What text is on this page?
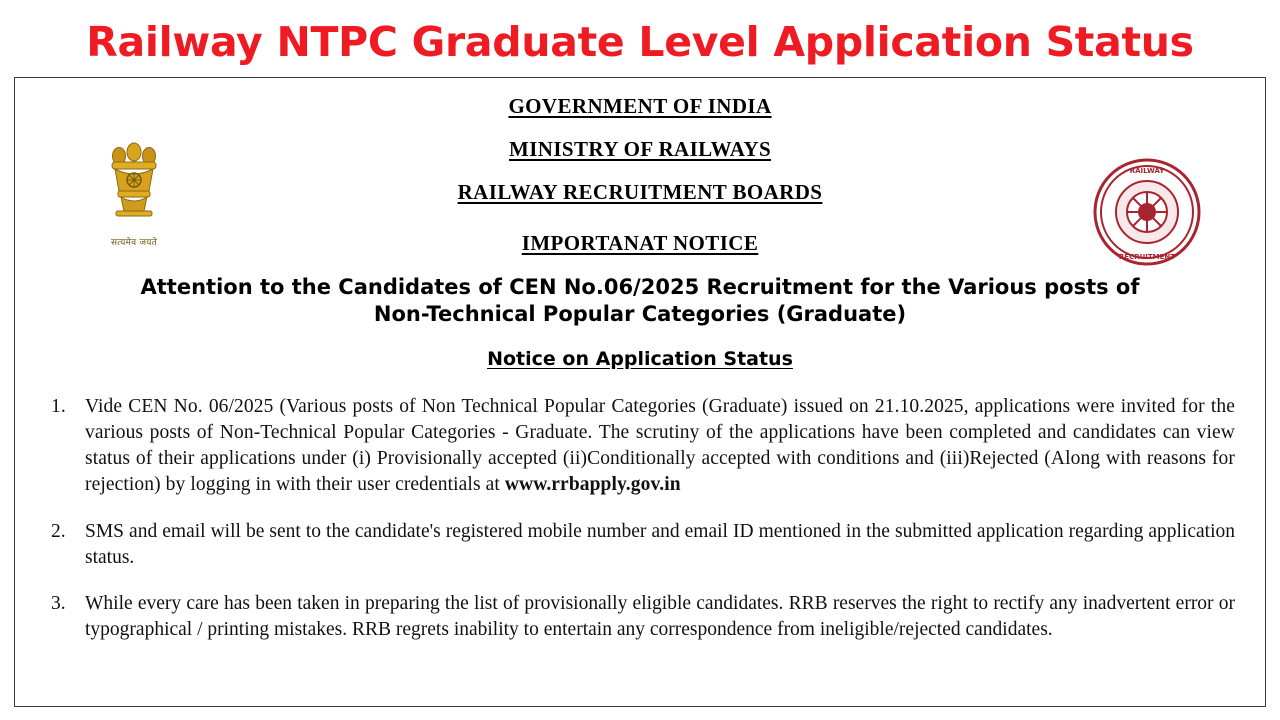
Railway NTPC Graduate Level Application Status
सत्यमेव जयते
RAILWAY
RECRUITMENT
GOVERNMENT OF INDIA
MINISTRY OF RAILWAYS
RAILWAY RECRUITMENT BOARDS
IMPORTANAT NOTICE
Attention to the Candidates of CEN No.06/2025 Recruitment for the Various posts of Non-Technical Popular Categories (Graduate)
Notice on Application Status
1. Vide CEN No. 06/2025 (Various posts of Non Technical Popular Categories (Graduate) issued on 21.10.2025, applications were invited for the various posts of Non-Technical Popular Categories - Graduate. The scrutiny of the applications have been completed and candidates can view status of their applications under (i) Provisionally accepted (ii)Conditionally accepted with conditions and (iii)Rejected (Along with reasons for rejection) by logging in with their user credentials at www.rrbapply.gov.in
2. SMS and email will be sent to the candidate's registered mobile number and email ID mentioned in the submitted application regarding application status.
3. While every care has been taken in preparing the list of provisionally eligible candidates. RRB reserves the right to rectify any inadvertent error or typographical / printing mistakes. RRB regrets inability to entertain any correspondence from ineligible/rejected candidates.
